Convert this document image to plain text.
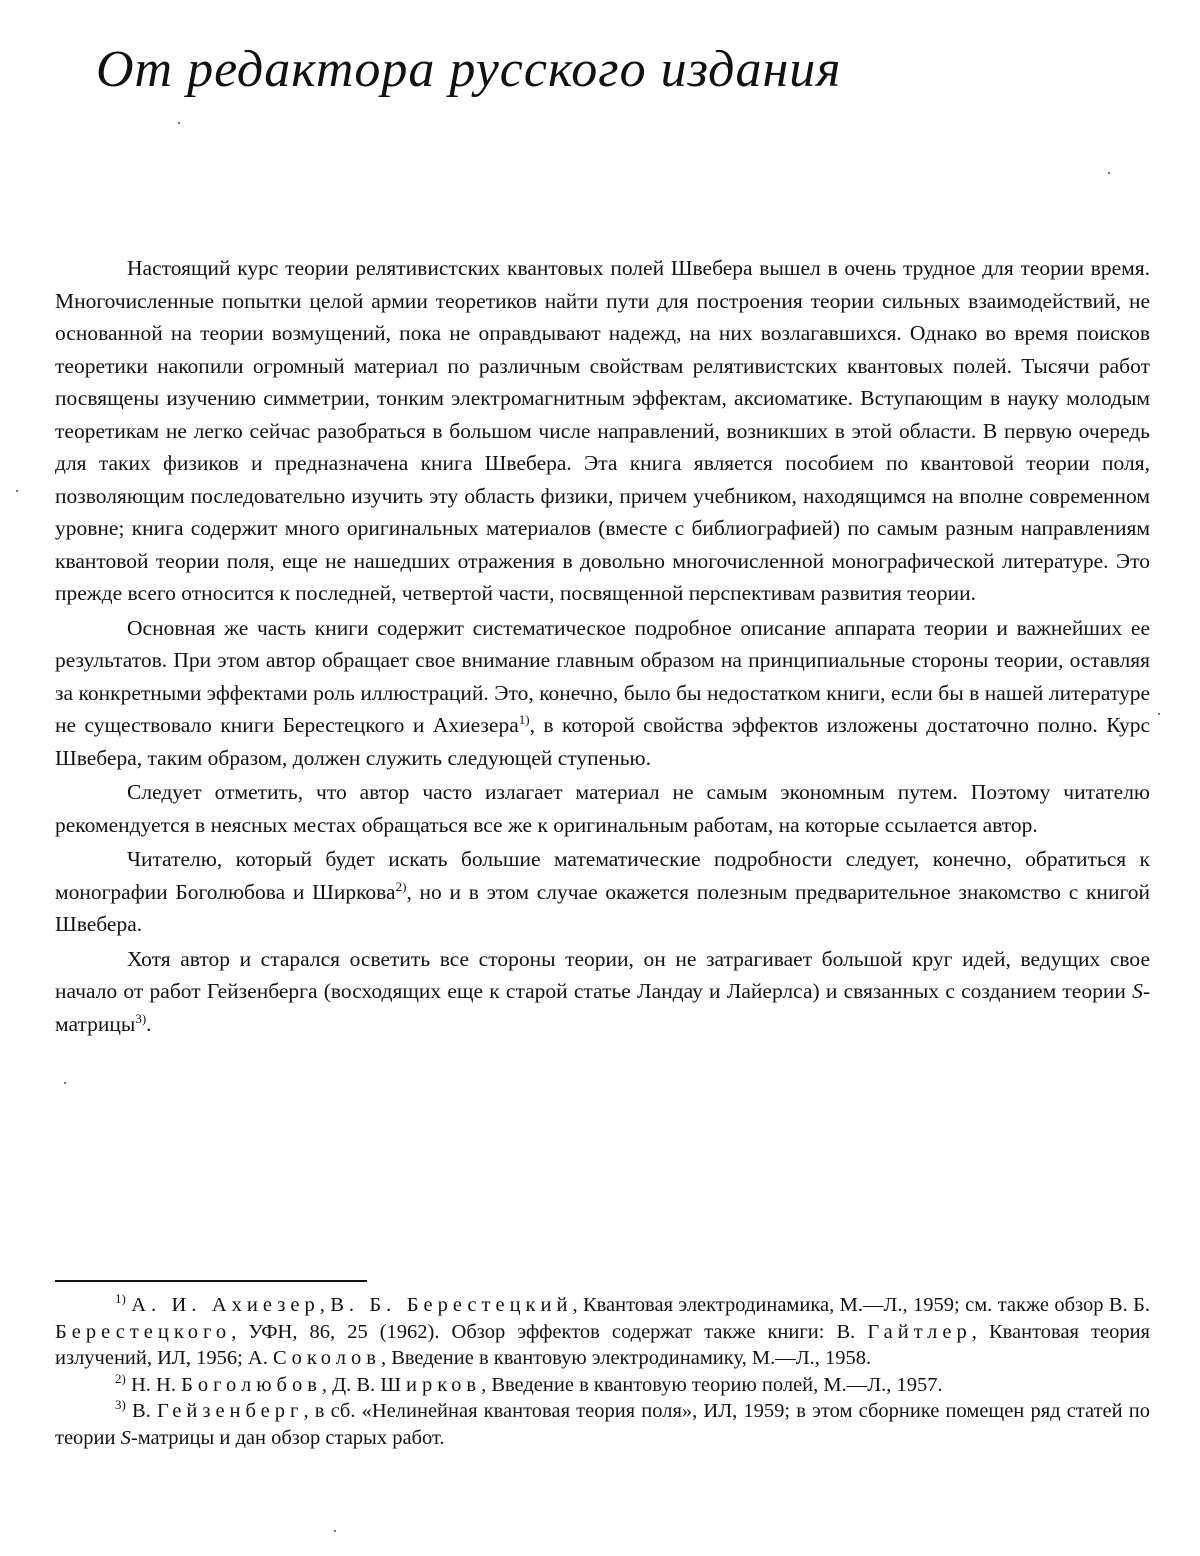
От редактора русского издания

Настоящий курс теории релятивистских квантовых полей Швебера вышел в очень трудное для теории время. Многочисленные попытки целой армии теоретиков найти пути для построения теории сильных взаимодействий, не основанной на теории возмущений, пока не оправдывают надежд, на них возлагавшихся. Однако во время поисков теоретики накопили огромный материал по различным свойствам релятивистских квантовых полей. Тысячи работ посвящены изучению симметрии, тонким электромагнитным эффектам, аксиоматике. Вступающим в науку молодым теоретикам не легко сейчас разобраться в большом числе направлений, возникших в этой области. В первую очередь для таких физиков и предназначена книга Швебера. Эта книга является пособием по квантовой теории поля, позволяющим последовательно изучить эту область физики, причем учебником, находящимся на вполне современном уровне; книга содержит много оригинальных материалов (вместе с библиографией) по самым разным направлениям квантовой теории поля, еще не нашедших отражения в довольно многочисленной монографической литературе. Это прежде всего относится к последней, четвертой части, посвященной перспективам развития теории.

Основная же часть книги содержит систематическое подробное описание аппарата теории и важнейших ее результатов. При этом автор обращает свое внимание главным образом на принципиальные стороны теории, оставляя за конкретными эффектами роль иллюстраций. Это, конечно, было бы недостатком книги, если бы в нашей литературе не существовало книги Берестецкого и Ахиезера$^{1)}$, в которой свойства эффектов изложены достаточно полно. Курс Швебера, таким образом, должен служить следующей ступенью.

Следует отметить, что автор часто излагает материал не самым экономным путем. Поэтому читателю рекомендуется в неясных местах обращаться все же к оригинальным работам, на которые ссылается автор.

Читателю, который будет искать большие математические подробности следует, конечно, обратиться к монографии Боголюбова и Ширкова$^{2)}$, но и в этом случае окажется полезным предварительное знакомство с книгой Швебера.

Хотя автор и старался осветить все стороны теории, он не затрагивает большой круг идей, ведущих свое начало от работ Гейзенберга (восходящих еще к старой статье Ландау и Лайерлса) и связанных с созданием теории S-матрицы$^{3)}$.

$^{1)}$ А. И. Ахиезер, В. Б. Берестецкий, Квантовая электродинамика, М.—Л., 1959; см. также обзор В. Б. Берестецкого, УФН, 86, 25 (1962). Обзор эффектов содержат также книги: В. Гайтлер, Квантовая теория излучений, ИЛ, 1956; А. Соколов, Введение в квантовую электродинамику, М.—Л., 1958.

$^{2)}$ Н. Н. Боголюбов, Д. В. Ширков, Введение в квантовую теорию полей, М.—Л., 1957.

$^{3)}$ В. Гейзенберг, в сб. «Нелинейная квантовая теория поля», ИЛ, 1959; в этом сборнике помещен ряд статей по теории S-матрицы и дан обзор старых работ.
